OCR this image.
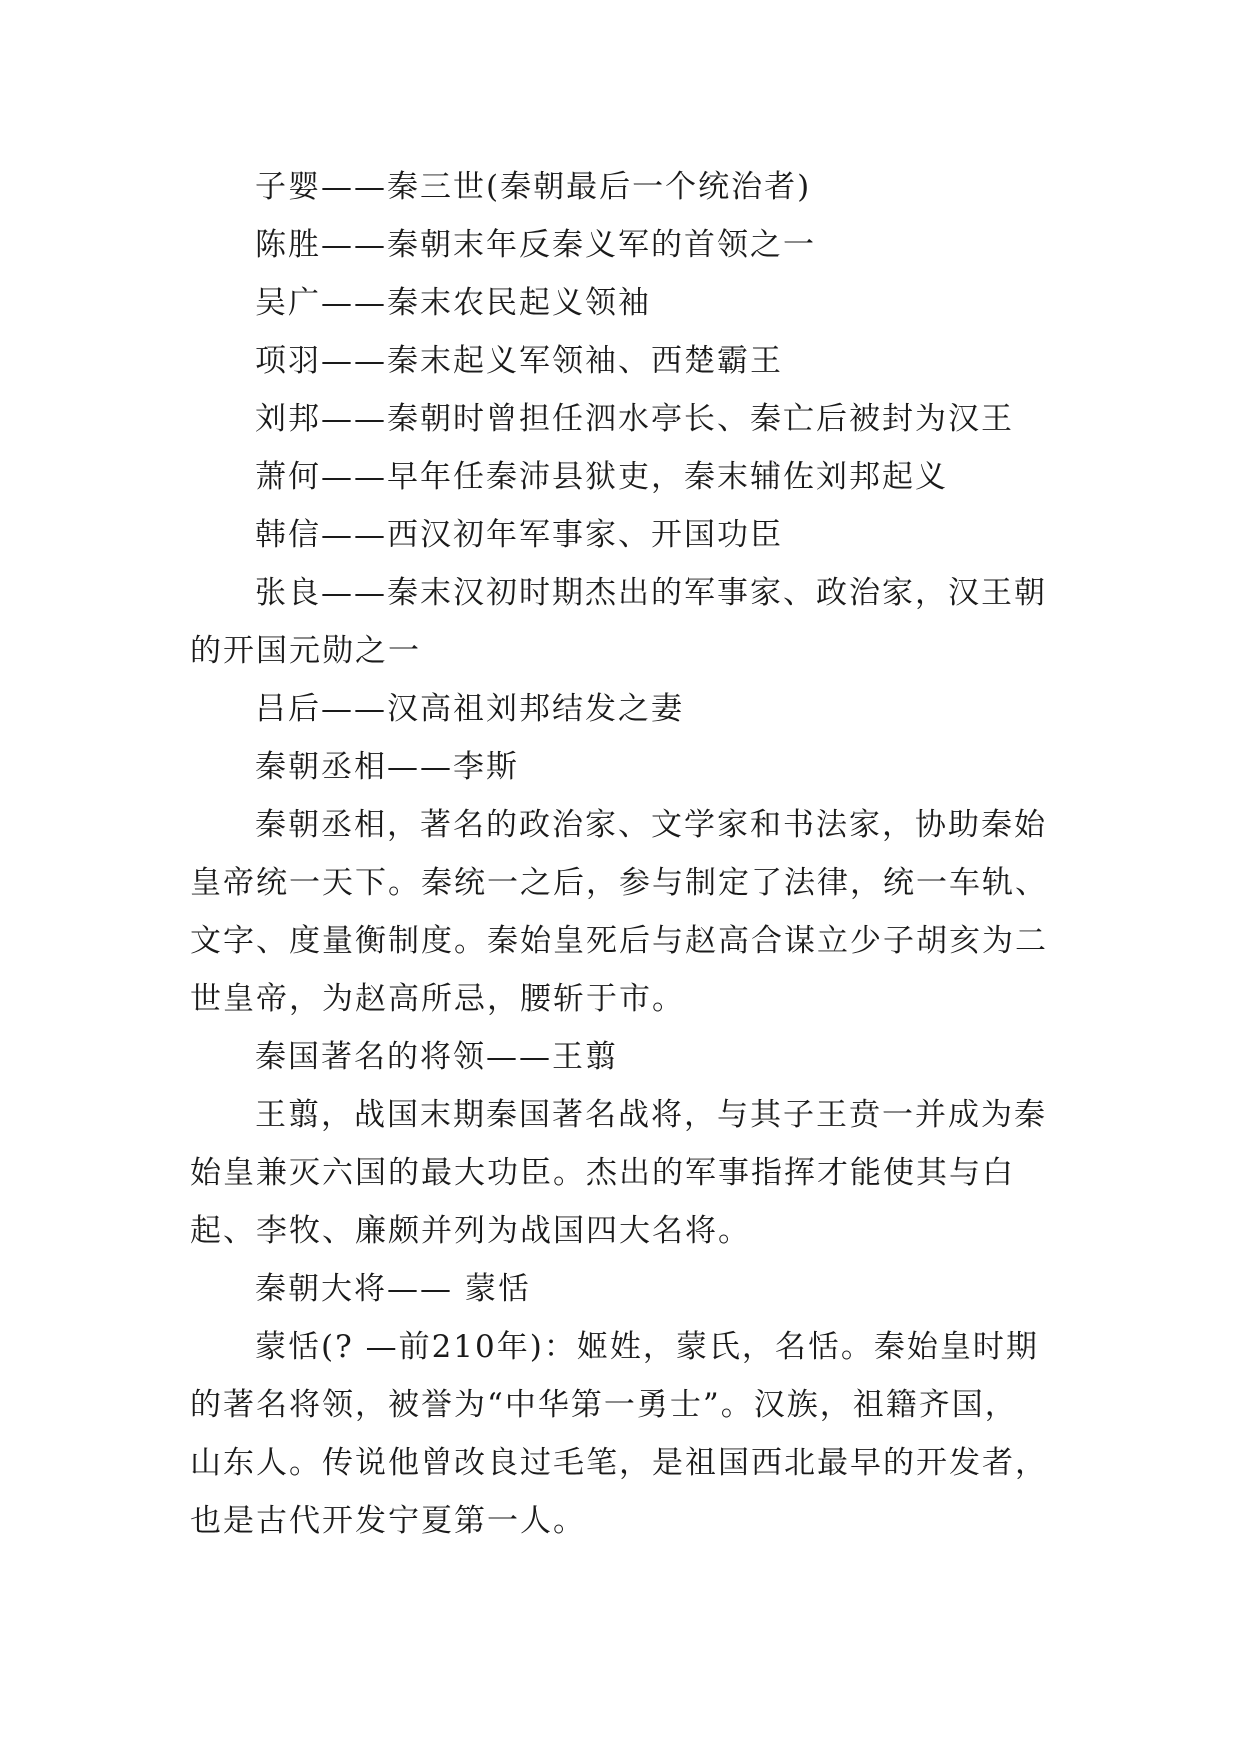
子婴——秦三世(秦朝最后一个统治者)

陈胜——秦朝末年反秦义军的首领之一

吴广——秦末农民起义领袖

项羽——秦末起义军领袖、西楚霸王

刘邦——秦朝时曾担任泗水亭长、秦亡后被封为汉王

萧何——早年任秦沛县狱吏，秦末辅佐刘邦起义

韩信——西汉初年军事家、开国功臣

张良——秦末汉初时期杰出的军事家、政治家，汉王朝的开国元勋之一

吕后——汉高祖刘邦结发之妻

秦朝丞相——李斯

秦朝丞相，著名的政治家、文学家和书法家，协助秦始皇帝统一天下。秦统一之后，参与制定了法律，统一车轨、文字、度量衡制度。秦始皇死后与赵高合谋立少子胡亥为二世皇帝，为赵高所忌，腰斩于市。

秦国著名的将领——王翦

王翦，战国末期秦国著名战将，与其子王贲一并成为秦始皇兼灭六国的最大功臣。杰出的军事指挥才能使其与白起、李牧、廉颇并列为战国四大名将。

秦朝大将—— 蒙恬

蒙恬(? —前210年)：姬姓，蒙氏，名恬。秦始皇时期的著名将领，被誉为“中华第一勇士”。汉族，祖籍齐国，山东人。传说他曾改良过毛笔，是祖国西北最早的开发者，也是古代开发宁夏第一人。
